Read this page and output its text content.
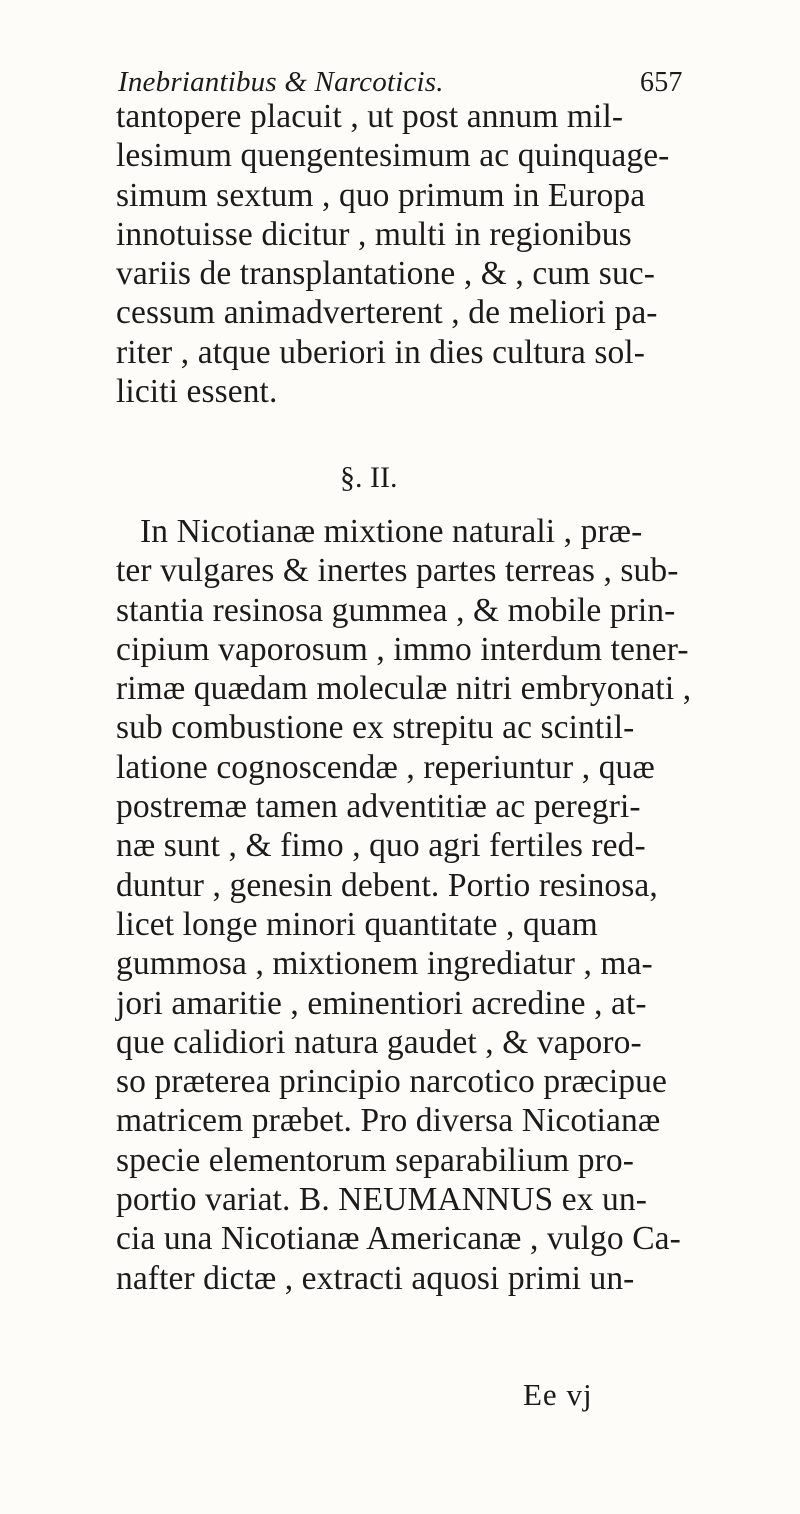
Inebriantibus & Narcoticis.	657
tantopere placuit , ut post annum mil-
lesimum quengentesimum ac quinquage-
simum sextum , quo primum in Europa
innotuisse dicitur , multi in regionibus
variis de transplantatione , & , cum suc-
cessum animadverterent , de meliori pa-
riter , atque uberiori in dies cultura sol-
liciti essent.
§. II.
In Nicotianæ mixtione naturali , præ-
ter vulgares & inertes partes terreas , sub-
stantia resinosa gummea , & mobile prin-
cipium vaporosum , immo interdum tener-
rimæ quædam moleculæ nitri embryonati ,
sub combustione ex strepitu ac scintil-
latione cognoscendæ , reperiuntur , quæ
postremæ tamen adventitiæ ac peregri-
næ sunt , & fimo , quo agri fertiles red-
duntur , genesin debent. Portio resinosa,
licet longe minori quantitate , quam
gummosa , mixtionem ingrediatur , ma-
jori amaritie , eminentiori acredine , at-
que calidiori natura gaudet , & vaporo-
so præterea principio narcotico præcipue
matricem præbet. Pro diversa Nicotianæ
specie elementorum separabilium pro-
portio variat. B. NEUMANNUS ex un-
cia una Nicotianæ Americanæ , vulgo Ca-
nafter dictæ , extracti aquosi primi un-
Ee vj
